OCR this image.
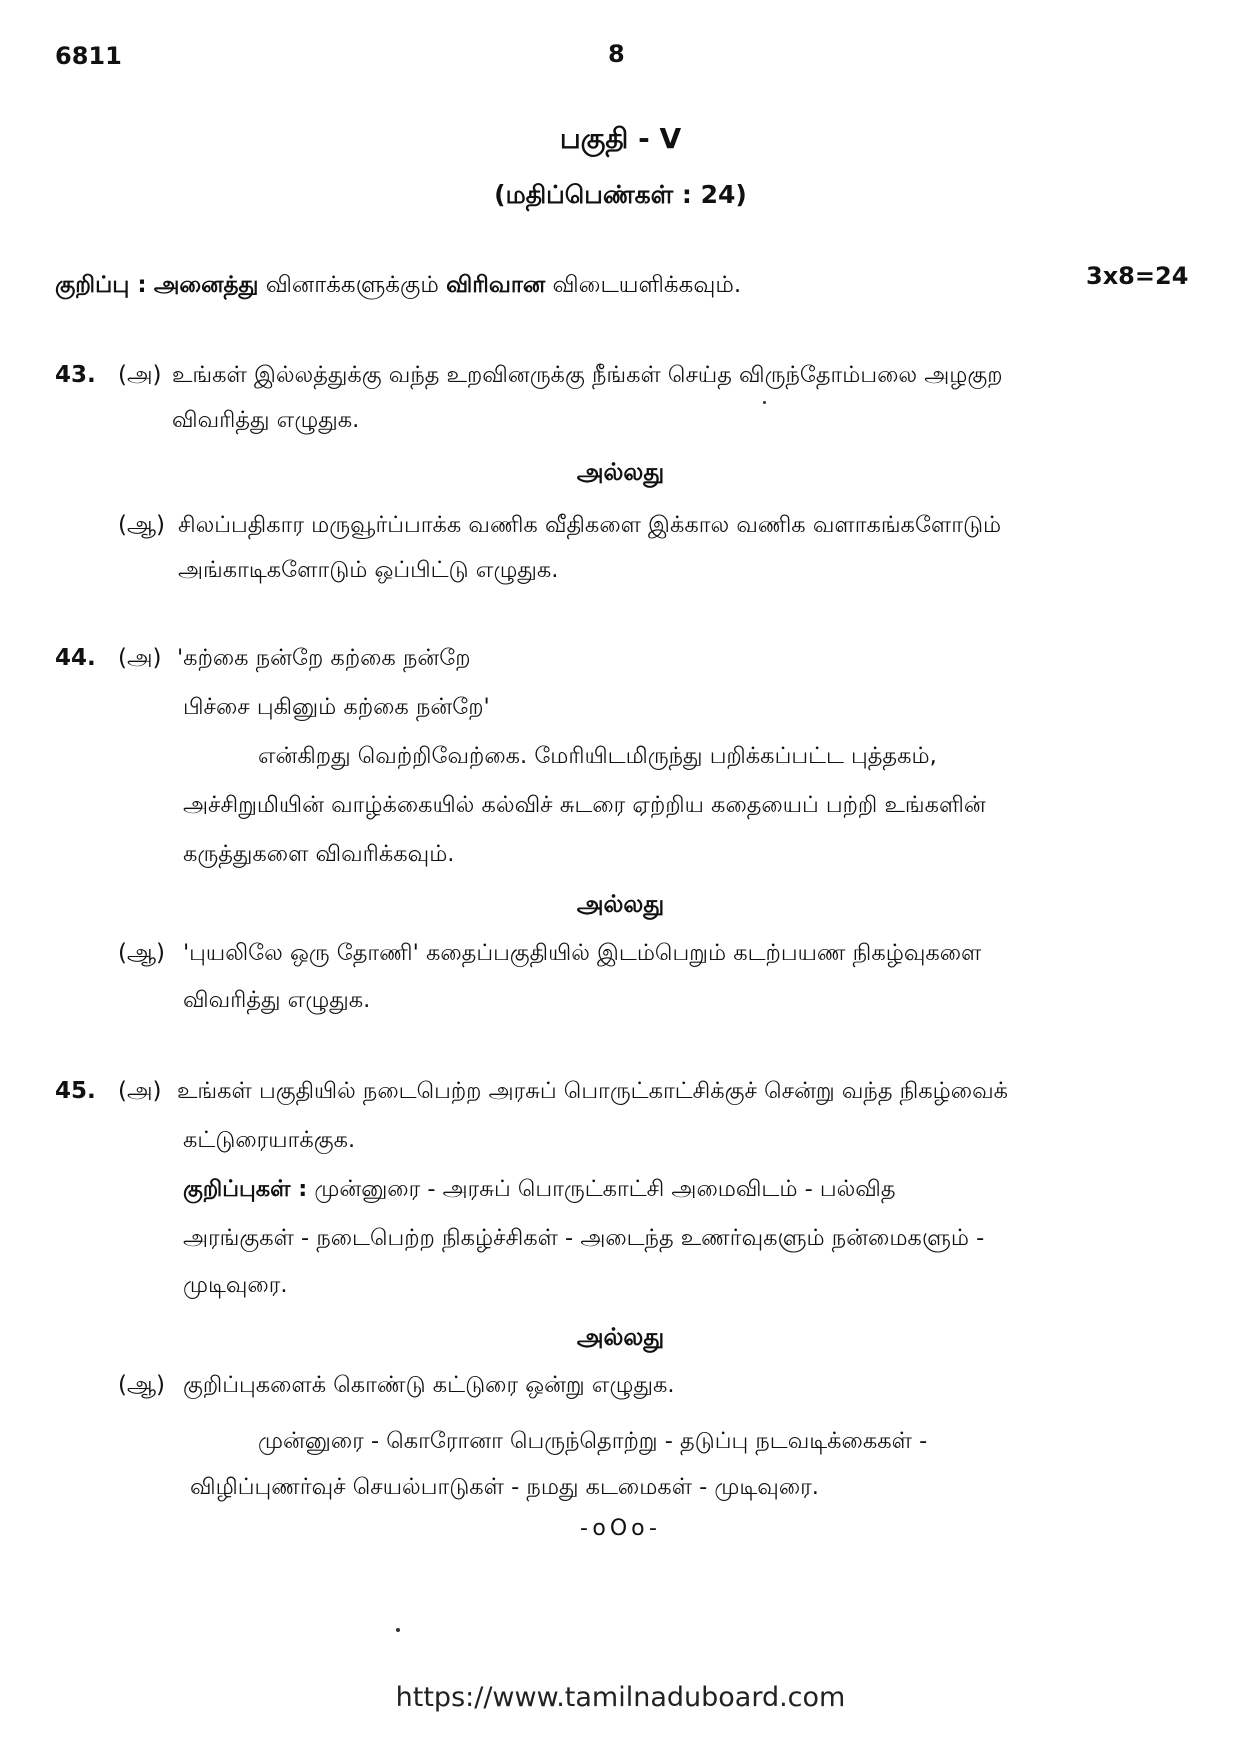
6811	8
பகுதி - V
(மதிப்பெண்கள் : 24)
குறிப்பு : அனைத்து வினாக்களுக்கும் விரிவான விடையளிக்கவும்.	3x8=24
43. (அ) உங்கள் இல்லத்துக்கு வந்த உறவினருக்கு நீங்கள் செய்த விருந்தோம்பலை அழகுற
விவரித்து எழுதுக.
அல்லது
(ஆ) சிலப்பதிகார மருவூர்ப்பாக்க வணிக வீதிகளை இக்கால வணிக வளாகங்களோடும்
அங்காடிகளோடும் ஒப்பிட்டு எழுதுக.
44. (அ) 'கற்கை நன்றே கற்கை நன்றே
பிச்சை புகினும் கற்கை நன்றே'
என்கிறது வெற்றிவேற்கை. மேரியிடமிருந்து பறிக்கப்பட்ட புத்தகம்,
அச்சிறுமியின் வாழ்க்கையில் கல்விச் சுடரை ஏற்றிய கதையைப் பற்றி உங்களின்
கருத்துகளை விவரிக்கவும்.
அல்லது
(ஆ) 'புயலிலே ஒரு தோணி' கதைப்பகுதியில் இடம்பெறும் கடற்பயண நிகழ்வுகளை
விவரித்து எழுதுக.
45. (அ) உங்கள் பகுதியில் நடைபெற்ற அரசுப் பொருட்காட்சிக்குச் சென்று வந்த நிகழ்வைக்
கட்டுரையாக்குக.
குறிப்புகள் : முன்னுரை - அரசுப் பொருட்காட்சி அமைவிடம் - பல்வித
அரங்குகள் - நடைபெற்ற நிகழ்ச்சிகள் - அடைந்த உணர்வுகளும் நன்மைகளும் -
முடிவுரை.
அல்லது
(ஆ) குறிப்புகளைக் கொண்டு கட்டுரை ஒன்று எழுதுக.
முன்னுரை - கொரோனா பெருந்தொற்று - தடுப்பு நடவடிக்கைகள் -
விழிப்புணர்வுச் செயல்பாடுகள் - நமது கடமைகள் - முடிவுரை.
-oOo-
https://www.tamilnaduboard.com
